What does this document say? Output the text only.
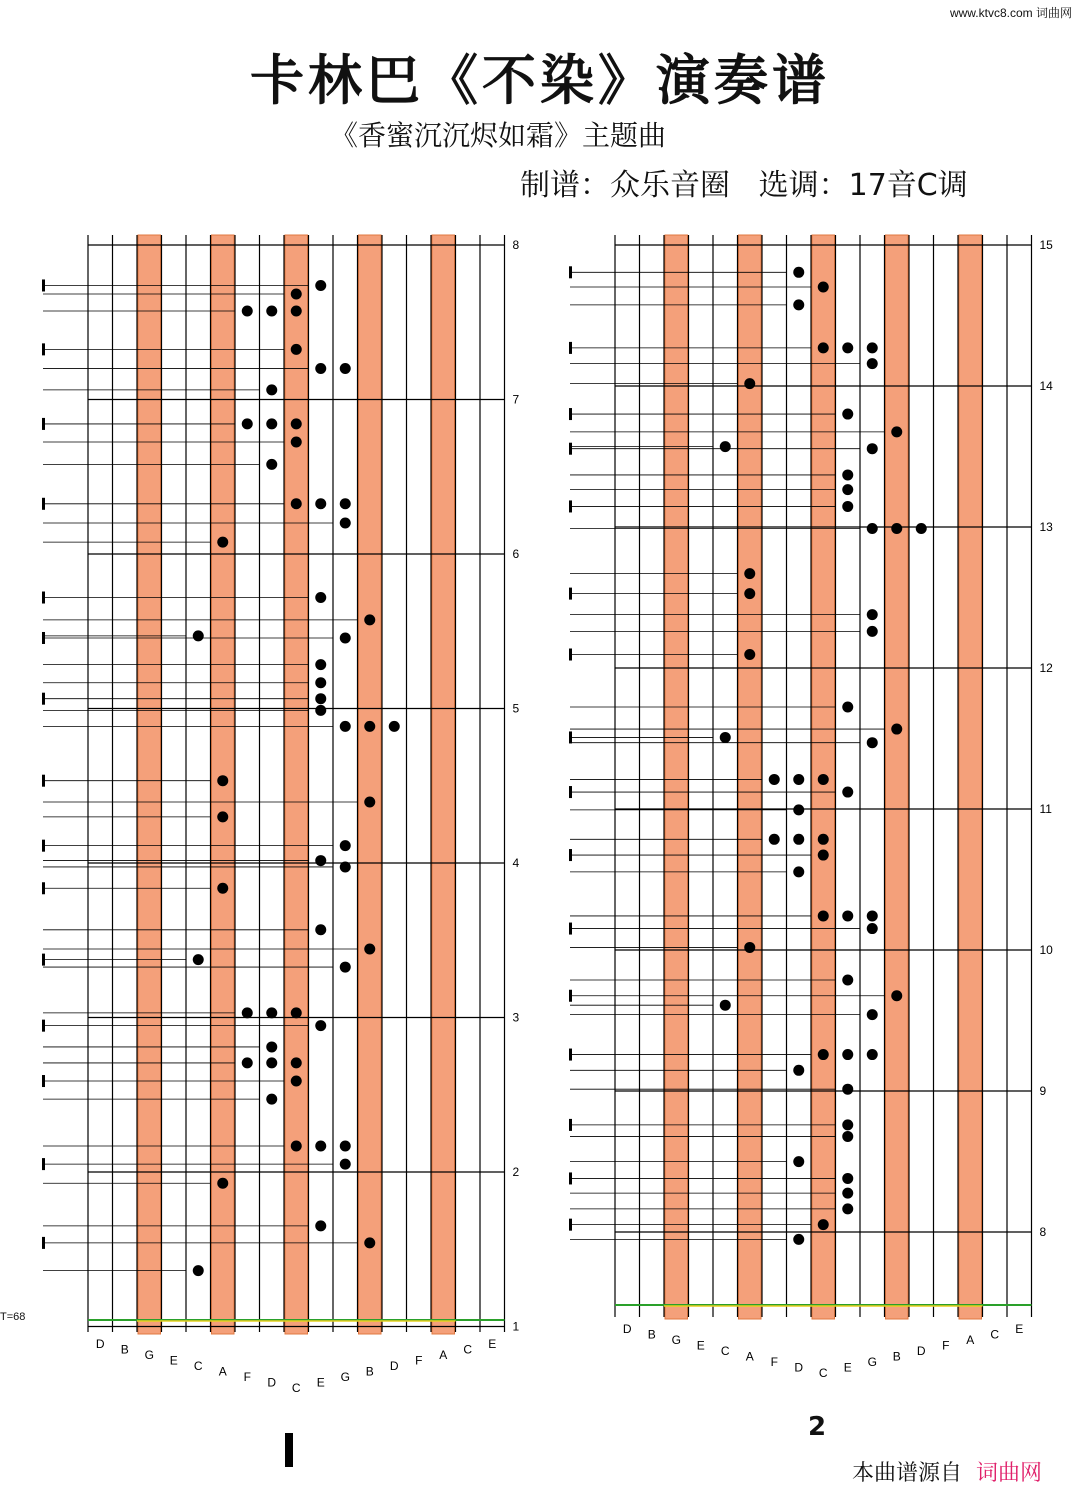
www.ktvc8.com 词曲网
卡林巴《不染》演奏谱
《香蜜沉沉烬如霜》主题曲
制谱：众乐音圈   选调：17音C调
8
7
6
5
4
3
2
1
D B G E C A F D C E G B D F A C E
15
14
13
12
11
10
9
8
D B G E C A F D C E G B D F A C E
T=68
2
本曲谱源自 词曲网
